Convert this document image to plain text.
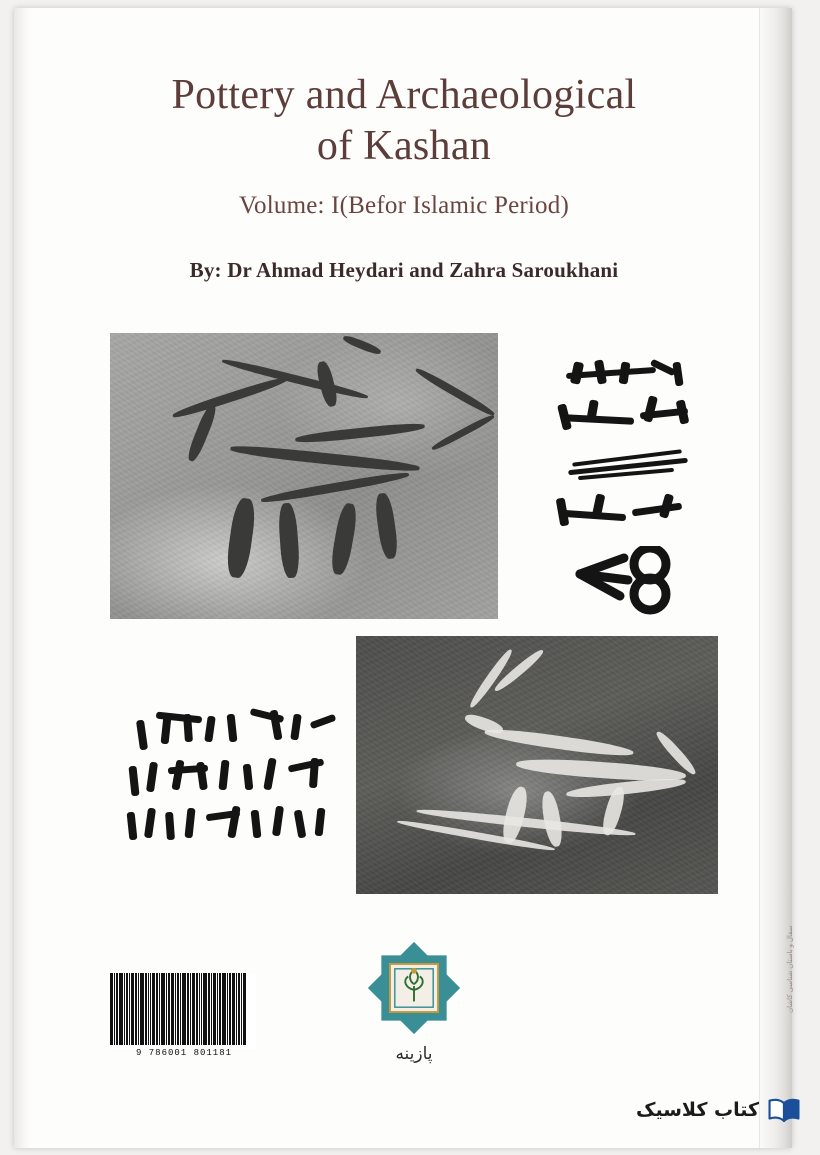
سفال و باستان شناسی کاشان
Pottery and Archaeological
of Kashan
Volume: I(Befor Islamic Period)
By: Dr Ahmad Heydari and Zahra Saroukhani
9 786001 801181	پازینه
کتاب کلاسیک
